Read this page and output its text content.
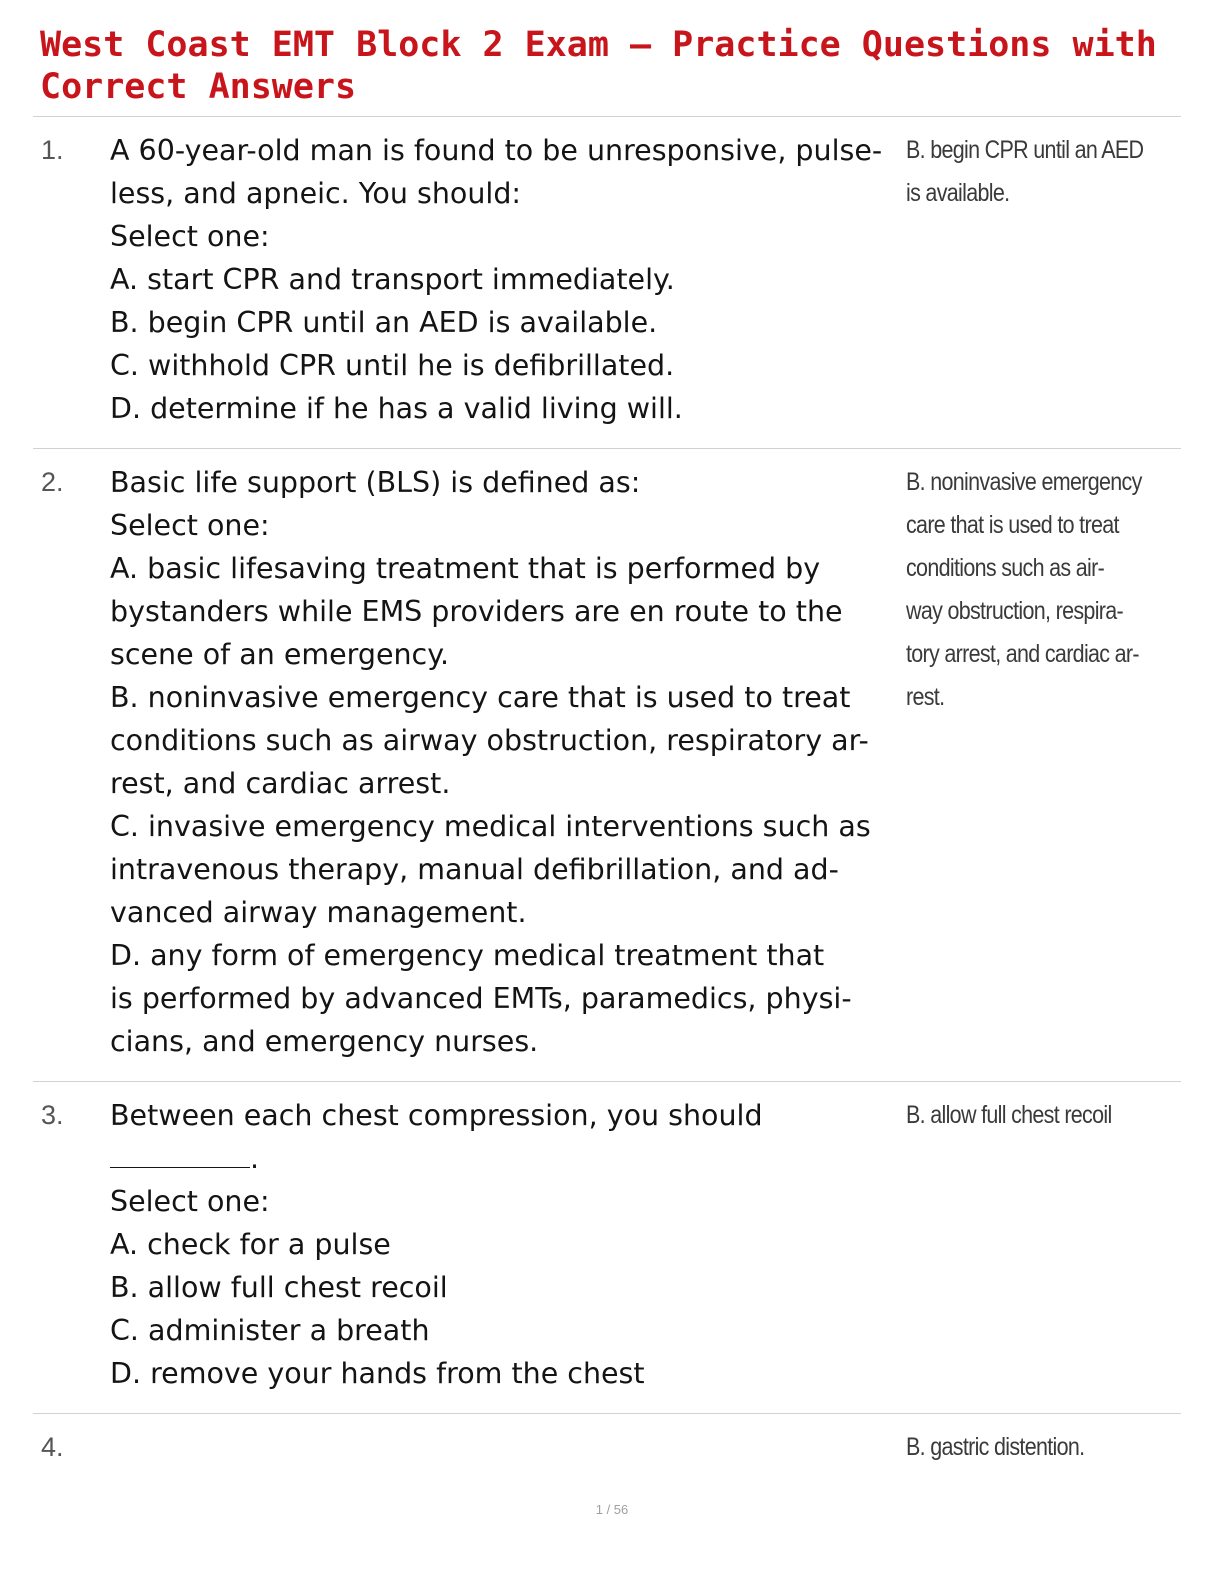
West Coast EMT Block 2 Exam – Practice Questions with
Correct Answers
1. A 60-year-old man is found to be unresponsive, pulse-
less, and apneic. You should:
Select one:
A. start CPR and transport immediately.
B. begin CPR until an AED is available.
C. withhold CPR until he is defibrillated.
D. determine if he has a valid living will.
B. begin CPR until an AED
is available.
2. Basic life support (BLS) is defined as:
Select one:
A. basic lifesaving treatment that is performed by
bystanders while EMS providers are en route to the
scene of an emergency.
B. noninvasive emergency care that is used to treat
conditions such as airway obstruction, respiratory ar-
rest, and cardiac arrest.
C. invasive emergency medical interventions such as
intravenous therapy, manual defibrillation, and ad-
vanced airway management.
D. any form of emergency medical treatment that
is performed by advanced EMTs, paramedics, physi-
cians, and emergency nurses.
B. noninvasive emergency
care that is used to treat
conditions such as air-
way obstruction, respira-
tory arrest, and cardiac ar-
rest.
3. Between each chest compression, you should
.
Select one:
A. check for a pulse
B. allow full chest recoil
C. administer a breath
D. remove your hands from the chest
B. allow full chest recoil
4.	B. gastric distention.
1 / 56
